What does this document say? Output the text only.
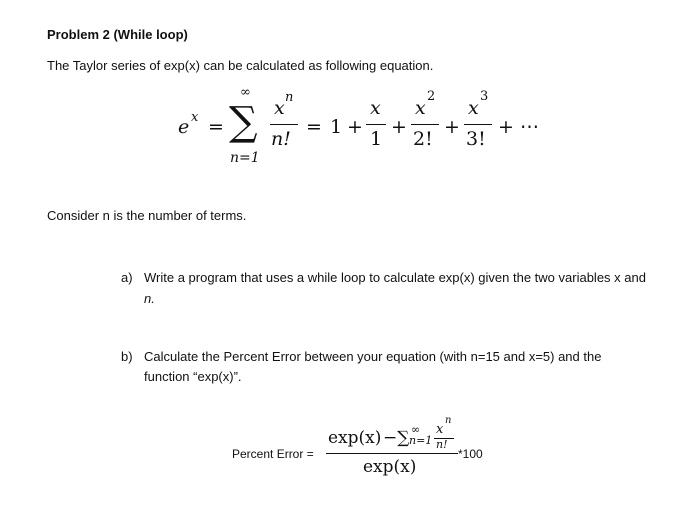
Problem 2 (While loop)
The Taylor series of exp(x) can be calculated as following equation.
e x =
∞
∑
n=1
x n
n!
= 1 +
x
1
+
x
2
2!
+
x
3
3!
+ ⋯
Consider n is the number of terms.
a) Write a program that uses a while loop to calculate exp(x) given the two variables x and
n.
b) Calculate the Percent Error between your equation (with n=15 and x=5) and the
function “exp(x)”.
Percent Error =
exp(x) −∑ ∞
n=1
x
n
n!
exp(x)
*100
